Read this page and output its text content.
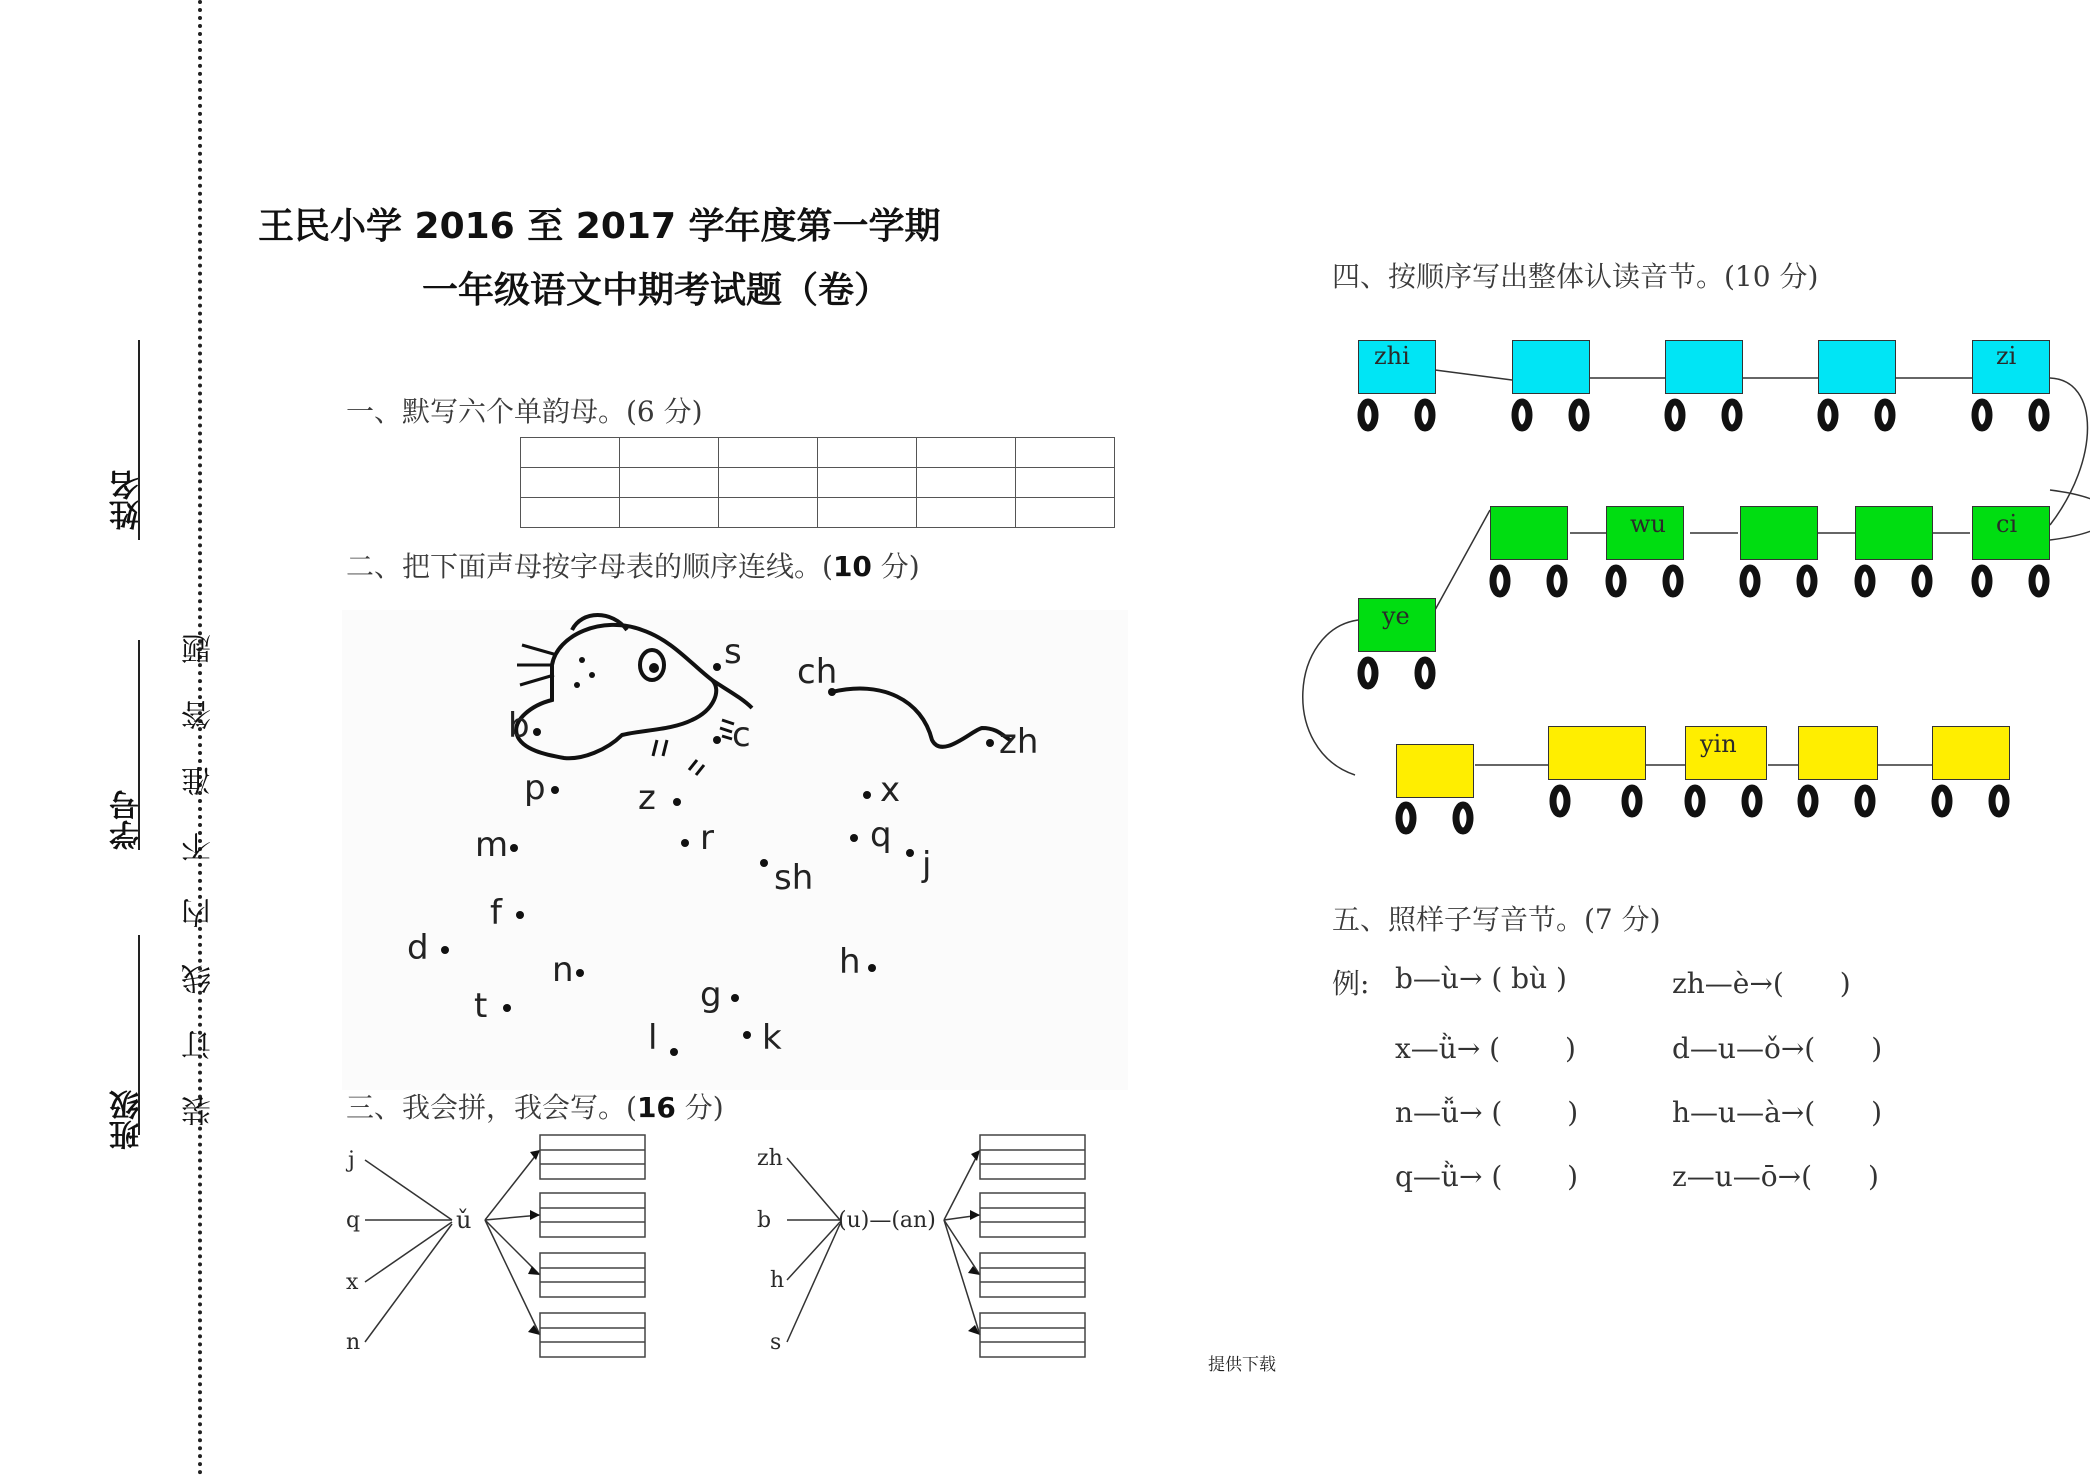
姓名
学号
班级 装订线内不准答题
王民小学 2016 至 2017 学年度第一学期
一年级语文中期考试题（卷）
一、默写六个单韵母。(6 分)

二、把下面声母按字母表的顺序连线。(10 分)
s ch
zh
b	c
p	z	x
m	r	q
j
sh
f
d
n	h
t	g
l	k
三、我会拼，我会写。(16 分)
j
q
x
n
ǔ
zh
b
h
s
(u)—(an)
提供下载
四、按顺序写出整体认读音节。(10 分)
zhi	zi
wu	ci
ye
yin
五、照样子写音节。(7 分)
例: b—ù→ ( bù )	zh—è→(　　)
x—ǜ→ (　　 )	d—u—ǒ→(　　)
n—ǚ→ (　　 )	h—u—à→(　　)
q—ǜ→ (　　 )	z—u—ō→(　　)
